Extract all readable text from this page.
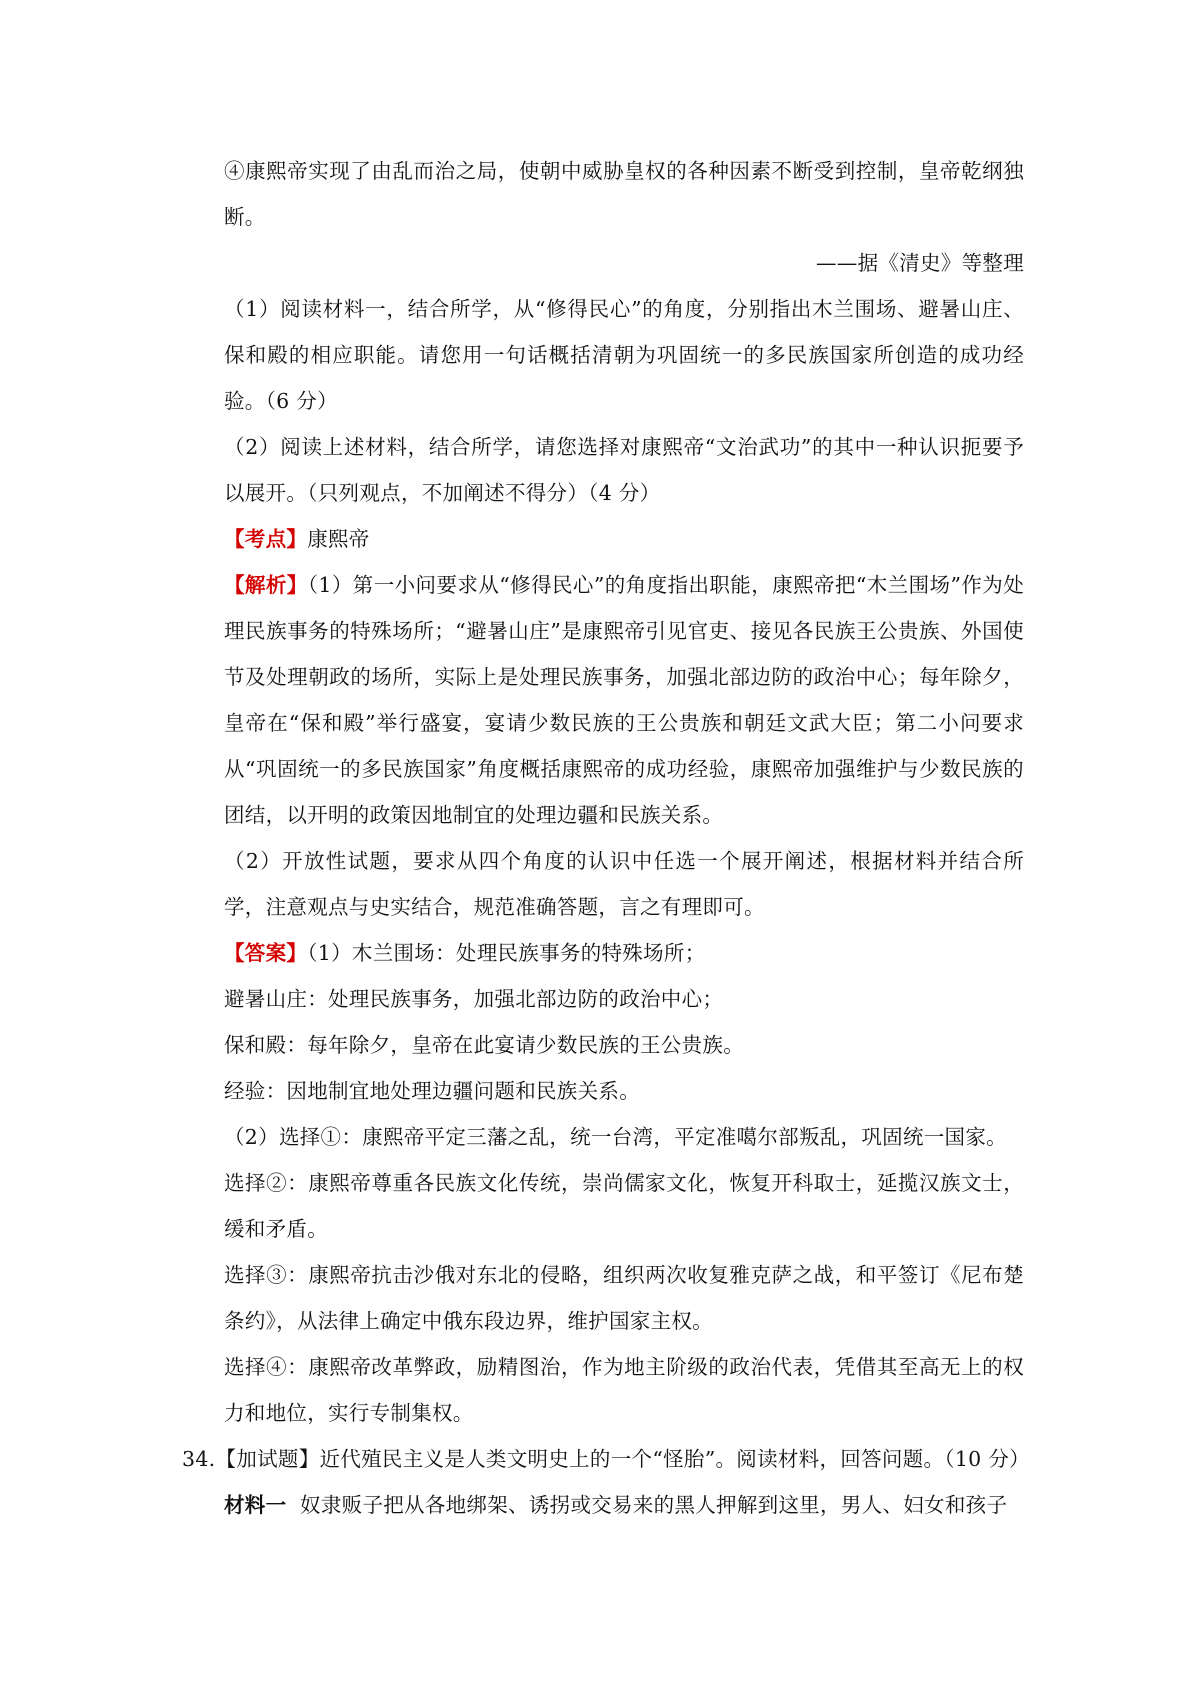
④康熙帝实现了由乱而治之局，使朝中威胁皇权的各种因素不断受到控制，皇帝乾纲独断。
——据《清史》等整理
（1）阅读材料一，结合所学，从“修得民心”的角度，分别指出木兰围场、避暑山庄、保和殿的相应职能。请您用一句话概括清朝为巩固统一的多民族国家所创造的成功经验。（6 分）
（2）阅读上述材料，结合所学，请您选择对康熙帝“文治武功”的其中一种认识扼要予以展开。（只列观点，不加阐述不得分）（4 分）
【考点】康熙帝
【解析】（1）第一小问要求从“修得民心”的角度指出职能，康熙帝把“木兰围场”作为处理民族事务的特殊场所；“避暑山庄”是康熙帝引见官吏、接见各民族王公贵族、外国使节及处理朝政的场所，实际上是处理民族事务，加强北部边防的政治中心；每年除夕，皇帝在“保和殿”举行盛宴，宴请少数民族的王公贵族和朝廷文武大臣；第二小问要求从“巩固统一的多民族国家”角度概括康熙帝的成功经验，康熙帝加强维护与少数民族的团结，以开明的政策因地制宜的处理边疆和民族关系。
（2）开放性试题，要求从四个角度的认识中任选一个展开阐述，根据材料并结合所学，注意观点与史实结合，规范准确答题，言之有理即可。
【答案】（1）木兰围场：处理民族事务的特殊场所；
避暑山庄：处理民族事务，加强北部边防的政治中心；
保和殿：每年除夕，皇帝在此宴请少数民族的王公贵族。
经验：因地制宜地处理边疆问题和民族关系。
（2）选择①：康熙帝平定三藩之乱，统一台湾，平定准噶尔部叛乱，巩固统一国家。
选择②：康熙帝尊重各民族文化传统，崇尚儒家文化，恢复开科取士，延揽汉族文士，缓和矛盾。
选择③：康熙帝抗击沙俄对东北的侵略，组织两次收复雅克萨之战，和平签订《尼布楚条约》，从法律上确定中俄东段边界，维护国家主权。
选择④：康熙帝改革弊政，励精图治，作为地主阶级的政治代表，凭借其至高无上的权力和地位，实行专制集权。
34.【加试题】近代殖民主义是人类文明史上的一个“怪胎”。阅读材料，回答问题。（10 分）
材料一 奴隶贩子把从各地绑架、诱拐或交易来的黑人押解到这里，男人、妇女和孩子
